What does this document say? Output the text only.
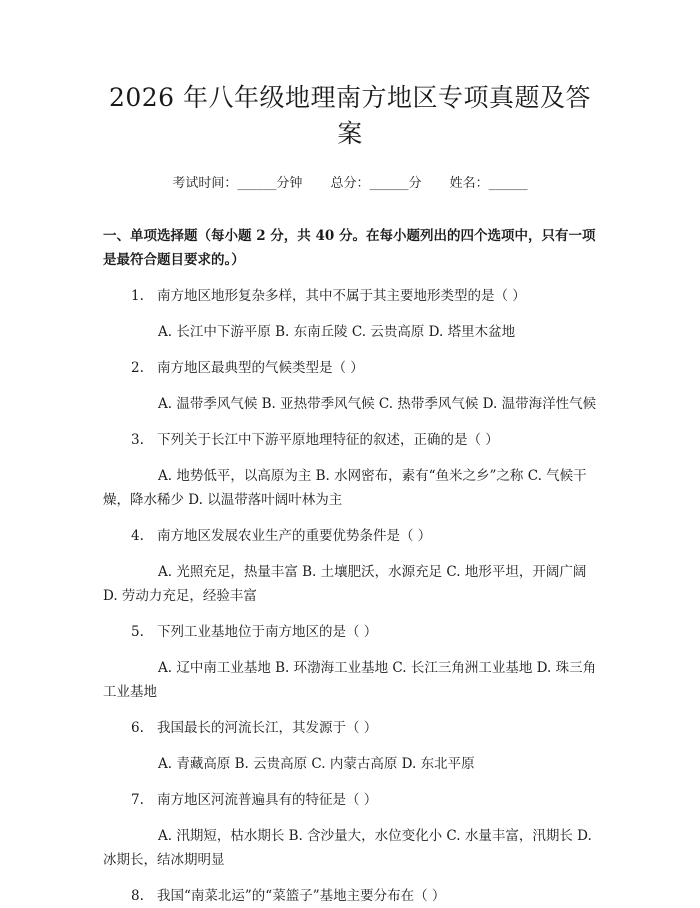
2026 年八年级地理南方地区专项真题及答案
考试时间：______分钟 总分：______分 姓名：______
一、单项选择题（每小题 2 分，共 40 分。在每小题列出的四个选项中，只有一项是最符合题目要求的。）
1. 南方地区地形复杂多样，其中不属于其主要地形类型的是（ ）
A. 长江中下游平原 B. 东南丘陵 C. 云贵高原 D. 塔里木盆地
2. 南方地区最典型的气候类型是（ ）
A. 温带季风气候 B. 亚热带季风气候 C. 热带季风气候 D. 温带海洋性气候
3. 下列关于长江中下游平原地理特征的叙述，正确的是（ ）
A. 地势低平，以高原为主 B. 水网密布，素有“鱼米之乡”之称 C. 气候干燥，降水稀少 D. 以温带落叶阔叶林为主
4. 南方地区发展农业生产的重要优势条件是（ ）
A. 光照充足，热量丰富 B. 土壤肥沃，水源充足 C. 地形平坦，开阔广阔 D. 劳动力充足，经验丰富
5. 下列工业基地位于南方地区的是（ ）
A. 辽中南工业基地 B. 环渤海工业基地 C. 长江三角洲工业基地 D. 珠三角工业基地
6. 我国最长的河流长江，其发源于（ ）
A. 青藏高原 B. 云贵高原 C. 内蒙古高原 D. 东北平原
7. 南方地区河流普遍具有的特征是（ ）
A. 汛期短，枯水期长 B. 含沙量大，水位变化小 C. 水量丰富，汛期长 D. 冰期长，结冰期明显
8. 我国“南菜北运”的“菜篮子”基地主要分布在（ ）
